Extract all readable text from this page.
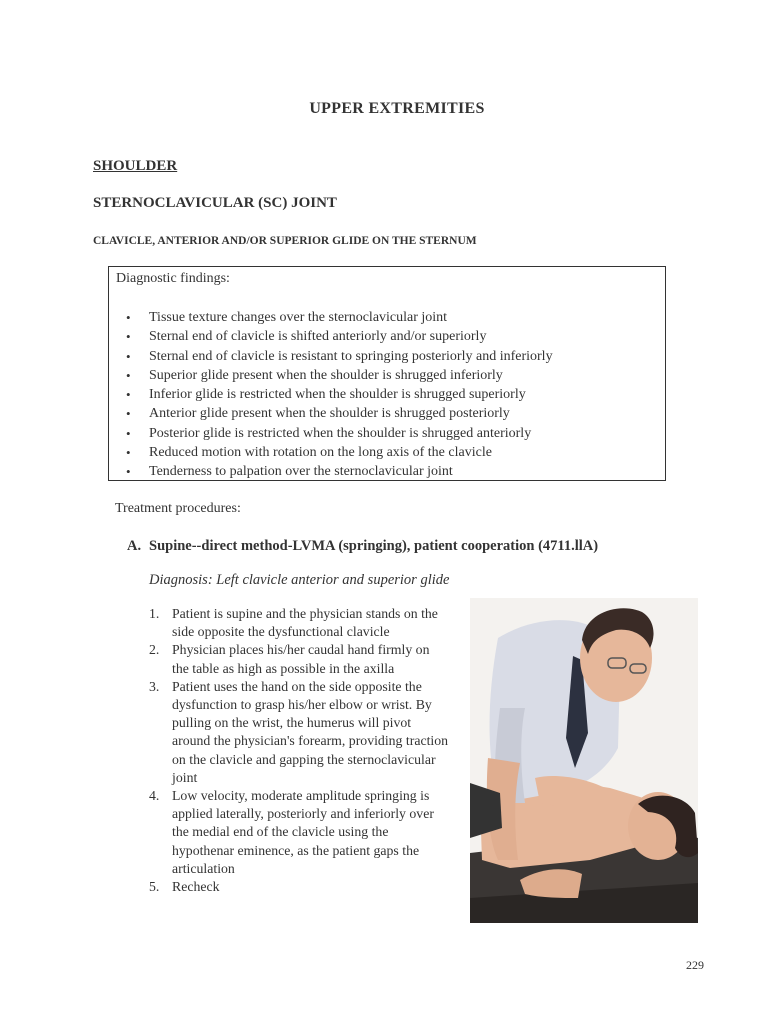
UPPER EXTREMITIES
SHOULDER
STERNOCLAVICULAR (SC) JOINT
CLAVICLE, ANTERIOR AND/OR SUPERIOR GLIDE ON THE STERNUM
Diagnostic findings:
• Tissue texture changes over the sternoclavicular joint
• Sternal end of clavicle is shifted anteriorly and/or superiorly
• Sternal end of clavicle is resistant to springing posteriorly and inferiorly
• Superior glide present when the shoulder is shrugged inferiorly
• Inferior glide is restricted when the shoulder is shrugged superiorly
• Anterior glide present when the shoulder is shrugged posteriorly
• Posterior glide is restricted when the shoulder is shrugged anteriorly
• Reduced motion with rotation on the long axis of the clavicle
• Tenderness to palpation over the sternoclavicular joint
Treatment procedures:
A. Supine--direct method-LVMA (springing), patient cooperation (4711.llA)
Diagnosis: Left clavicle anterior and superior glide
1. Patient is supine and the physician stands on the side opposite the dysfunctional clavicle
2. Physician places his/her caudal hand firmly on the table as high as possible in the axilla
3. Patient uses the hand on the side opposite the dysfunction to grasp his/her elbow or wrist. By pulling on the wrist, the humerus will pivot around the physician's forearm, providing traction on the clavicle and gapping the sternoclavicular joint
4. Low velocity, moderate amplitude springing is applied laterally, posteriorly and inferiorly over the medial end of the clavicle using the hypothenar eminence, as the patient gaps the articulation
5. Recheck
229
